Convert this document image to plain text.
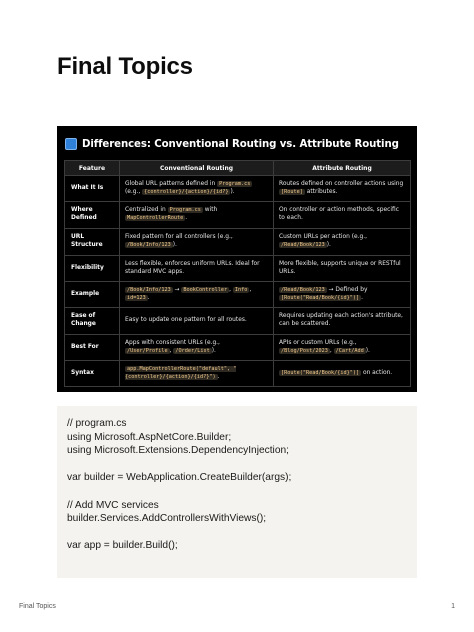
Final Topics
Differences: Conventional Routing vs. Attribute Routing
Feature	Conventional Routing	Attribute Routing
What It Is	Global URL patterns defined in Program.cs (e.g., {controller}/{action}/{id?} ).	Routes defined on controller actions using [Route] attributes.
Where Defined	Centralized in Program.cs with MapControllerRoute .	On controller or action methods, specific to each.
URL Structure	Fixed pattern for all controllers (e.g., /Book/Info/123 ).	Custom URLs per action (e.g., /Read/Book/123 ).
Flexibility	Less flexible, enforces uniform URLs. Ideal for standard MVC apps.	More flexible, supports unique or RESTful URLs.
Example	/Book/Info/123 → BookController , Info , id=123 .	/Read/Book/123 → Defined by [Route("Read/Book/{id}")] .
Ease of Change	Easy to update one pattern for all routes.	Requires updating each action's attribute, can be scattered.
Best For	Apps with consistent URLs (e.g., /User/Profile , /Order/List ).	APIs or custom URLs (e.g., /Blog/Post/2023 , /Cart/Add ).
Syntax	app.MapControllerRoute("default", "{controller}/{action}/{id?}") .	[Route("Read/Book/{id}")] on action.
// program.cs
using Microsoft.AspNetCore.Builder;
using Microsoft.Extensions.DependencyInjection;
var builder = WebApplication.CreateBuilder(args);
// Add MVC services
builder.Services.AddControllersWithViews();
var app = builder.Build();
Final Topics	1
